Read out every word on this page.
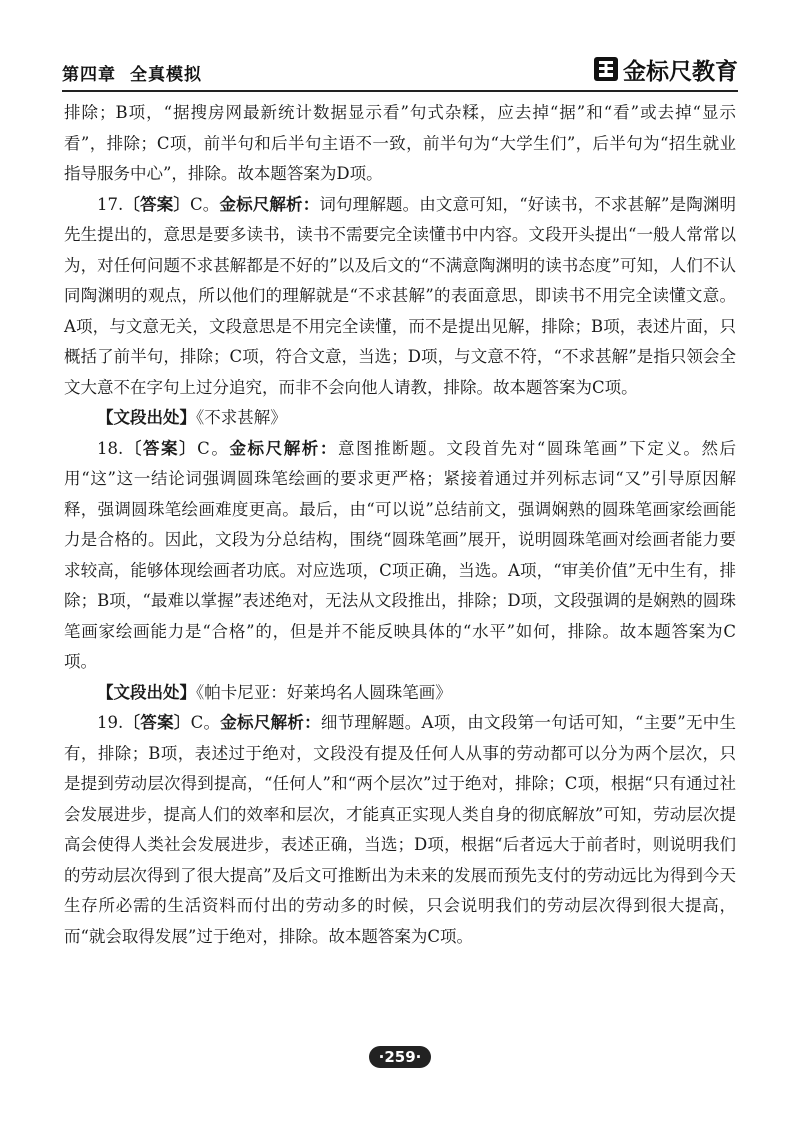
第四章 全真模拟	金标尺教育

排除；B项，“据搜房网最新统计数据显示看”句式杂糅，应去掉“据”和“看”或去掉“显示看”，排除；C项，前半句和后半句主语不一致，前半句为“大学生们”，后半句为“招生就业指导服务中心”，排除。故本题答案为D项。

17.〔答案〕C。金标尺解析：词句理解题。由文意可知，“好读书，不求甚解”是陶渊明先生提出的，意思是要多读书，读书不需要完全读懂书中内容。文段开头提出“一般人常常以为，对任何问题不求甚解都是不好的”以及后文的“不满意陶渊明的读书态度”可知，人们不认同陶渊明的观点，所以他们的理解就是“不求甚解”的表面意思，即读书不用完全读懂文意。A项，与文意无关，文段意思是不用完全读懂，而不是提出见解，排除；B项，表述片面，只概括了前半句，排除；C项，符合文意，当选；D项，与文意不符，“不求甚解”是指只领会全文大意不在字句上过分追究，而非不会向他人请教，排除。故本题答案为C项。

【文段出处】《不求甚解》

18.〔答案〕C。金标尺解析：意图推断题。文段首先对“圆珠笔画”下定义。然后用“这”这一结论词强调圆珠笔绘画的要求更严格；紧接着通过并列标志词“又”引导原因解释，强调圆珠笔绘画难度更高。最后，由“可以说”总结前文，强调娴熟的圆珠笔画家绘画能力是合格的。因此，文段为分总结构，围绕“圆珠笔画”展开，说明圆珠笔画对绘画者能力要求较高，能够体现绘画者功底。对应选项，C项正确，当选。A项，“审美价值”无中生有，排除；B项，“最难以掌握”表述绝对，无法从文段推出，排除；D项，文段强调的是娴熟的圆珠笔画家绘画能力是“合格”的，但是并不能反映具体的“水平”如何，排除。故本题答案为C项。

【文段出处】《帕卡尼亚：好莱坞名人圆珠笔画》

19.〔答案〕C。金标尺解析：细节理解题。A项，由文段第一句话可知，“主要”无中生有，排除；B项，表述过于绝对，文段没有提及任何人从事的劳动都可以分为两个层次，只是提到劳动层次得到提高，“任何人”和“两个层次”过于绝对，排除；C项，根据“只有通过社会发展进步，提高人们的效率和层次，才能真正实现人类自身的彻底解放”可知，劳动层次提高会使得人类社会发展进步，表述正确，当选；D项，根据“后者远大于前者时，则说明我们的劳动层次得到了很大提高”及后文可推断出为未来的发展而预先支付的劳动远比为得到今天生存所必需的生活资料而付出的劳动多的时候，只会说明我们的劳动层次得到很大提高，而“就会取得发展”过于绝对，排除。故本题答案为C项。

·259·
